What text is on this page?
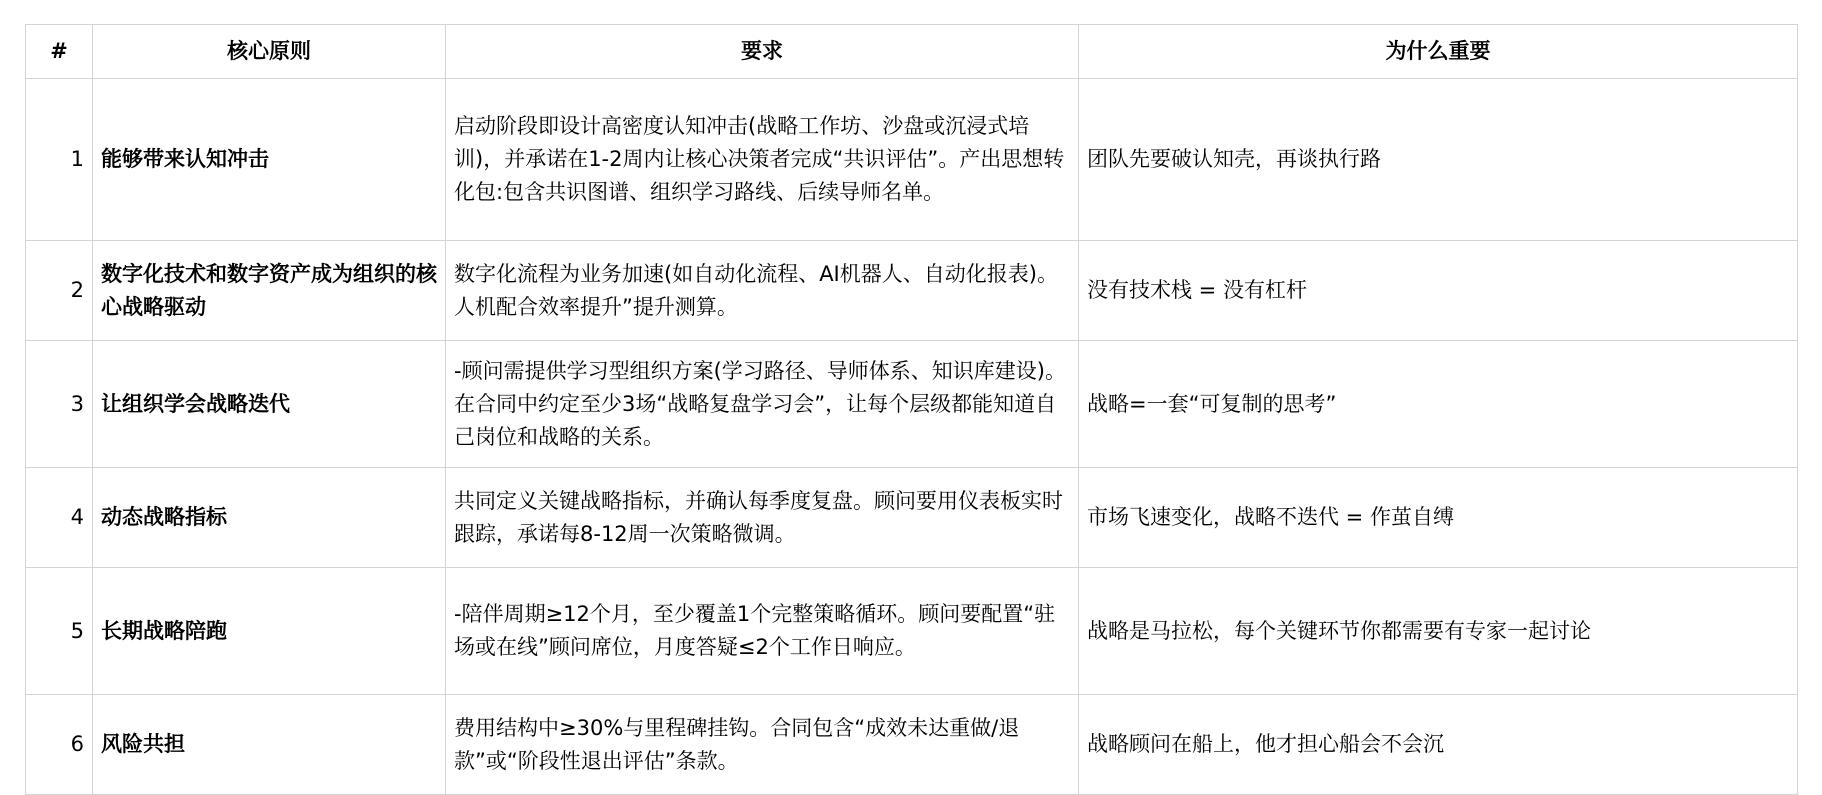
#	核心原则	要求	为什么重要
1	能够带来认知冲击	启动阶段即设计高密度认知冲击(战略工作坊、沙盘或沉浸式培训)，并承诺在1-2周内让核心决策者完成“共识评估”。产出思想转化包:包含共识图谱、组织学习路线、后续导师名单。	团队先要破认知壳，再谈执行路
2	数字化技术和数字资产成为组织的核心战略驱动	数字化流程为业务加速(如自动化流程、AI机器人、自动化报表)。人机配合效率提升”提升测算。	没有技术栈 = 没有杠杆
3	让组织学会战略迭代	-顾问需提供学习型组织方案(学习路径、导师体系、知识库建设)。在合同中约定至少3场“战略复盘学习会”，让每个层级都能知道自己岗位和战略的关系。	战略=一套“可复制的思考”
4	动态战略指标	共同定义关键战略指标，并确认每季度复盘。顾问要用仪表板实时跟踪，承诺每8-12周一次策略微调。	市场飞速变化，战略不迭代 = 作茧自缚
5	长期战略陪跑	-陪伴周期≥12个月，至少覆盖1个完整策略循环。顾问要配置“驻场或在线”顾问席位，月度答疑≤2个工作日响应。	战略是马拉松，每个关键环节你都需要有专家一起讨论
6	风险共担	费用结构中≥30%与里程碑挂钩。合同包含“成效未达重做/退款”或“阶段性退出评估”条款。	战略顾问在船上，他才担心船会不会沉
